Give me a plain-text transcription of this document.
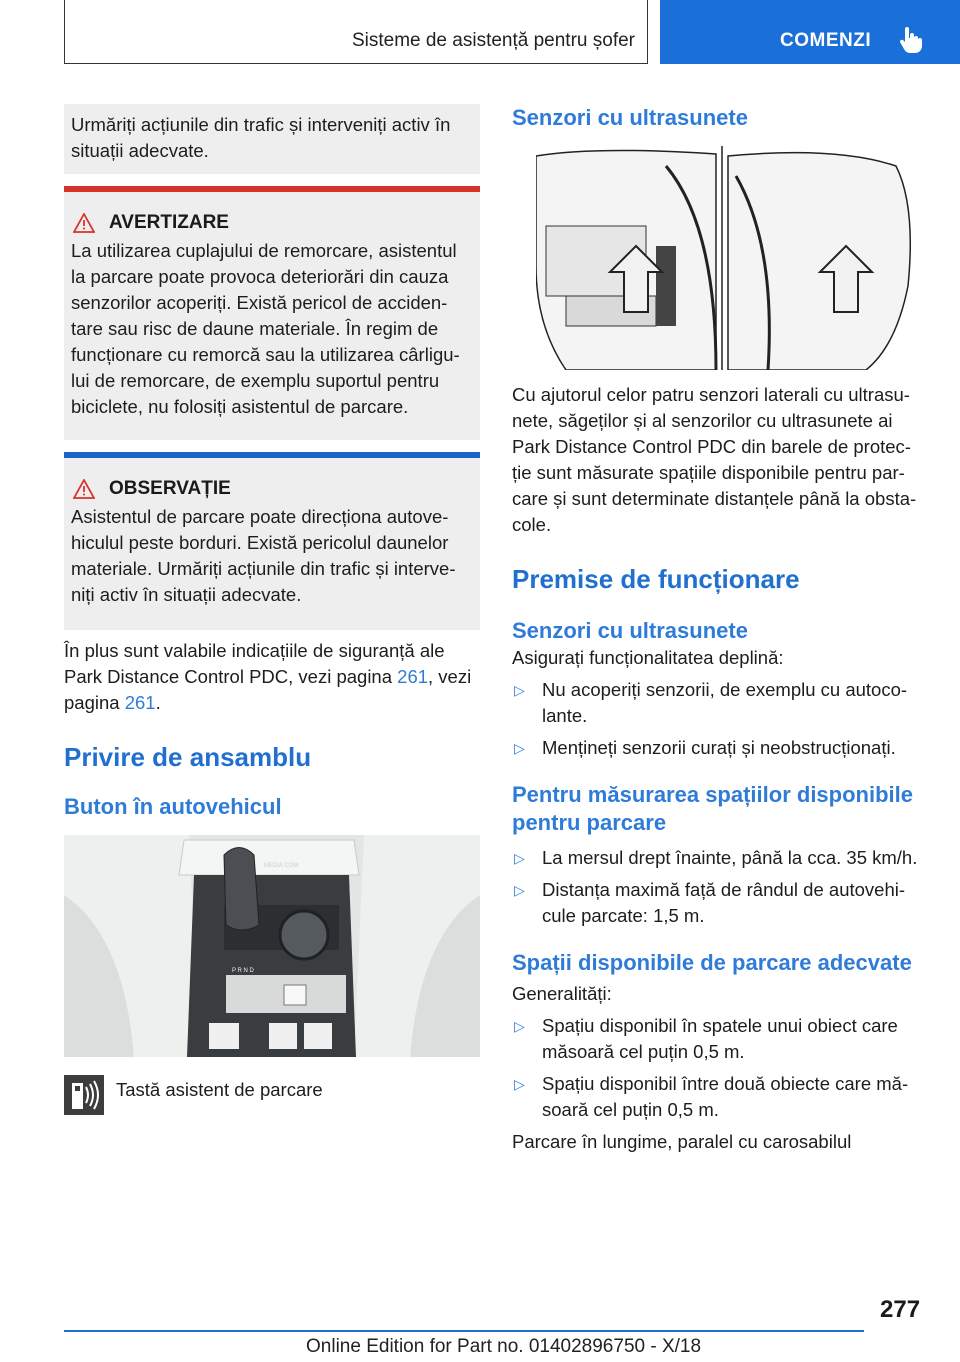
Sisteme de asistență pentru șofer	COMENZI

Urmăriți acțiunile din trafic și interveniți activ în situații adecvate.

AVERTIZARE

La utilizarea cuplajului de remorcare, asistentul la parcare poate provoca deteriorări din cauza senzorilor acoperiți. Există pericol de acciden-tare sau risc de daune materiale. În regim de funcționare cu remorcă sau la utilizarea cârligu-lui de remorcare, de exemplu suportul pentru biciclete, nu folosiți asistentul de parcare.

OBSERVAȚIE

Asistentul de parcare poate direcționa autove-hiculul peste borduri. Există pericolul daunelor materiale. Urmăriți acțiunile din trafic și interve-niți activ în situații adecvate.

În plus sunt valabile indicațiile de siguranță ale Park Distance Control PDC, vezi pagina 261, vezi pagina 261.

Privire de ansamblu

Buton în autovehicul

P R N D
MEDIA COM

Tastă asistent de parcare

Senzori cu ultrasunete

Cu ajutorul celor patru senzori laterali cu ultrasu-nete, săgeților și al senzorilor cu ultrasunete ai Park Distance Control PDC din barele de protec-ție sunt măsurate spațiile disponibile pentru par-care și sunt determinate distanțele până la obsta-cole.

Premise de funcționare

Senzori cu ultrasunete

Asigurați funcționalitatea deplină:

▷ Nu acoperiți senzorii, de exemplu cu autoco-lante.
▷ Mențineți senzorii curați și neobstrucționați.

Pentru măsurarea spațiilor disponibile pentru parcare

▷ La mersul drept înainte, până la cca. 35 km/h.
▷ Distanța maximă față de rândul de autovehi-cule parcate: 1,5 m.

Spații disponibile de parcare adecvate

Generalități:

▷ Spațiu disponibil în spatele unui obiect care măsoară cel puțin 0,5 m.
▷ Spațiu disponibil între două obiecte care mă-soară cel puțin 0,5 m.

Parcare în lungime, paralel cu carosabilul

277
Online Edition for Part no. 01402896750 - X/18
